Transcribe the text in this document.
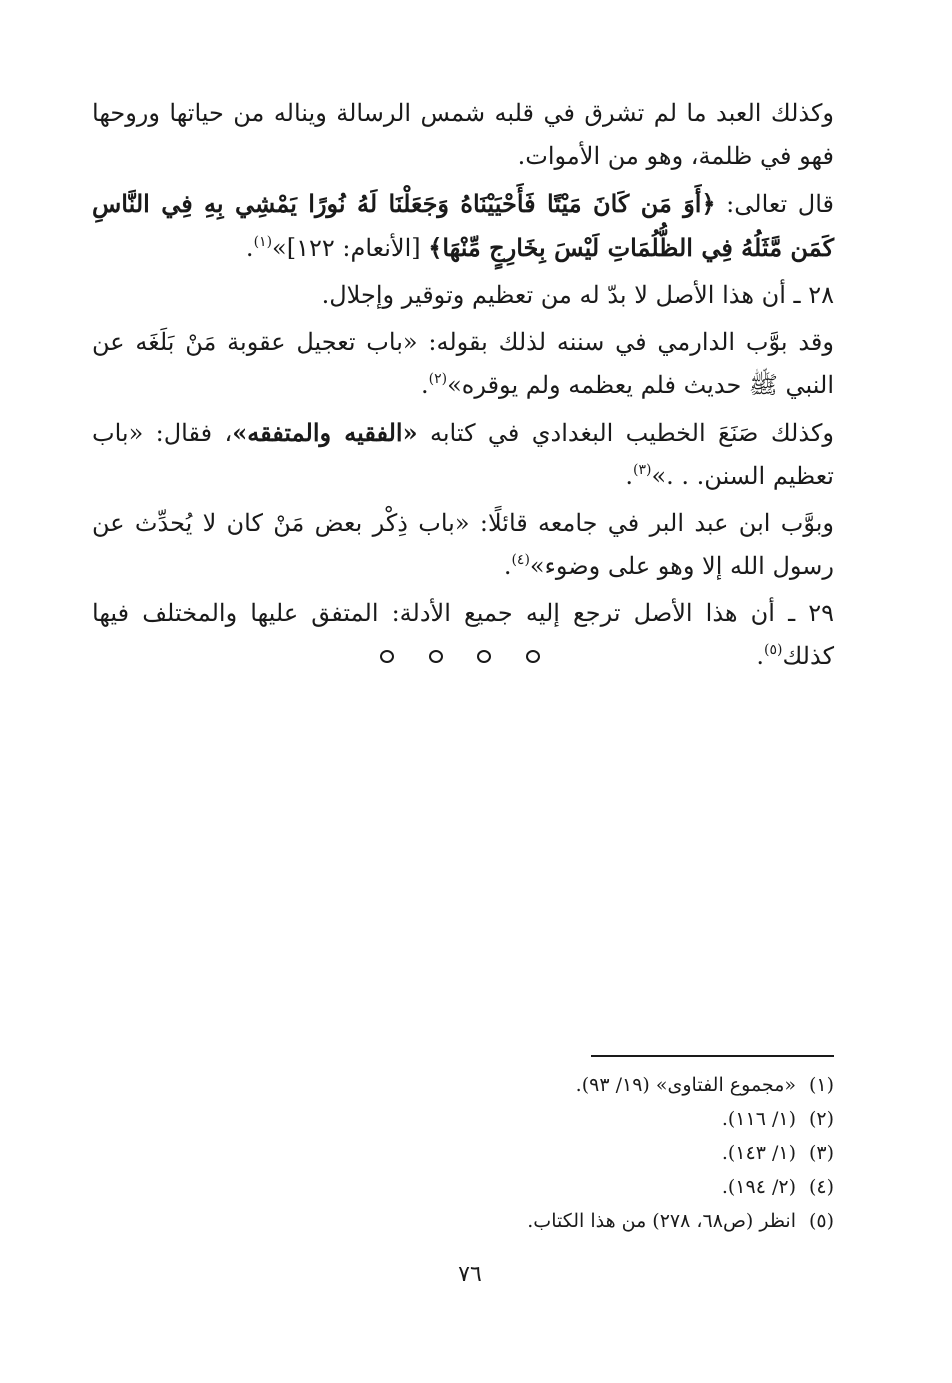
وكذلك العبد ما لم تشرق في قلبه شمس الرسالة ويناله من حياتها وروحها فهو في ظلمة، وهو من الأموات.

قال تعالى: ﴿أَوَ مَن كَانَ مَيْتًا فَأَحْيَيْنَاهُ وَجَعَلْنَا لَهُ نُورًا يَمْشِي بِهِ فِي النَّاسِ كَمَن مَّثَلُهُ فِي الظُّلُمَاتِ لَيْسَ بِخَارِجٍ مِّنْهَا﴾ [الأنعام: ١٢٢]»$^{(١)}$.

٢٨ ـ أن هذا الأصل لا بدّ له من تعظيم وتوقير وإجلال.

وقد بوَّب الدارمي في سننه لذلك بقوله: «باب تعجيل عقوبة مَنْ بَلَغَه عن النبي ﷺ حديث فلم يعظمه ولم يوقره»$^{(٢)}$.

وكذلك صَنَعَ الخطيب البغدادي في كتابه «الفقيه والمتفقه»، فقال: «باب تعظيم السنن. . .»$^{(٣)}$.

وبوَّب ابن عبد البر في جامعه قائلًا: «باب ذِكْر بعض مَنْ كان لا يُحدِّث عن رسول الله إلا وهو على وضوء»$^{(٤)}$.

٢٩ ـ أن هذا الأصل ترجع إليه جميع الأدلة: المتفق عليها والمختلف فيها كذلك$^{(٥)}$.

(١)«مجموع الفتاوى» (١٩/ ٩٣).
(٢)(١/ ١١٦).
(٣)(١/ ١٤٣).
(٤)(٢/ ١٩٤).
(٥)انظر (ص٦٨، ٢٧٨) من هذا الكتاب.
٧٦
